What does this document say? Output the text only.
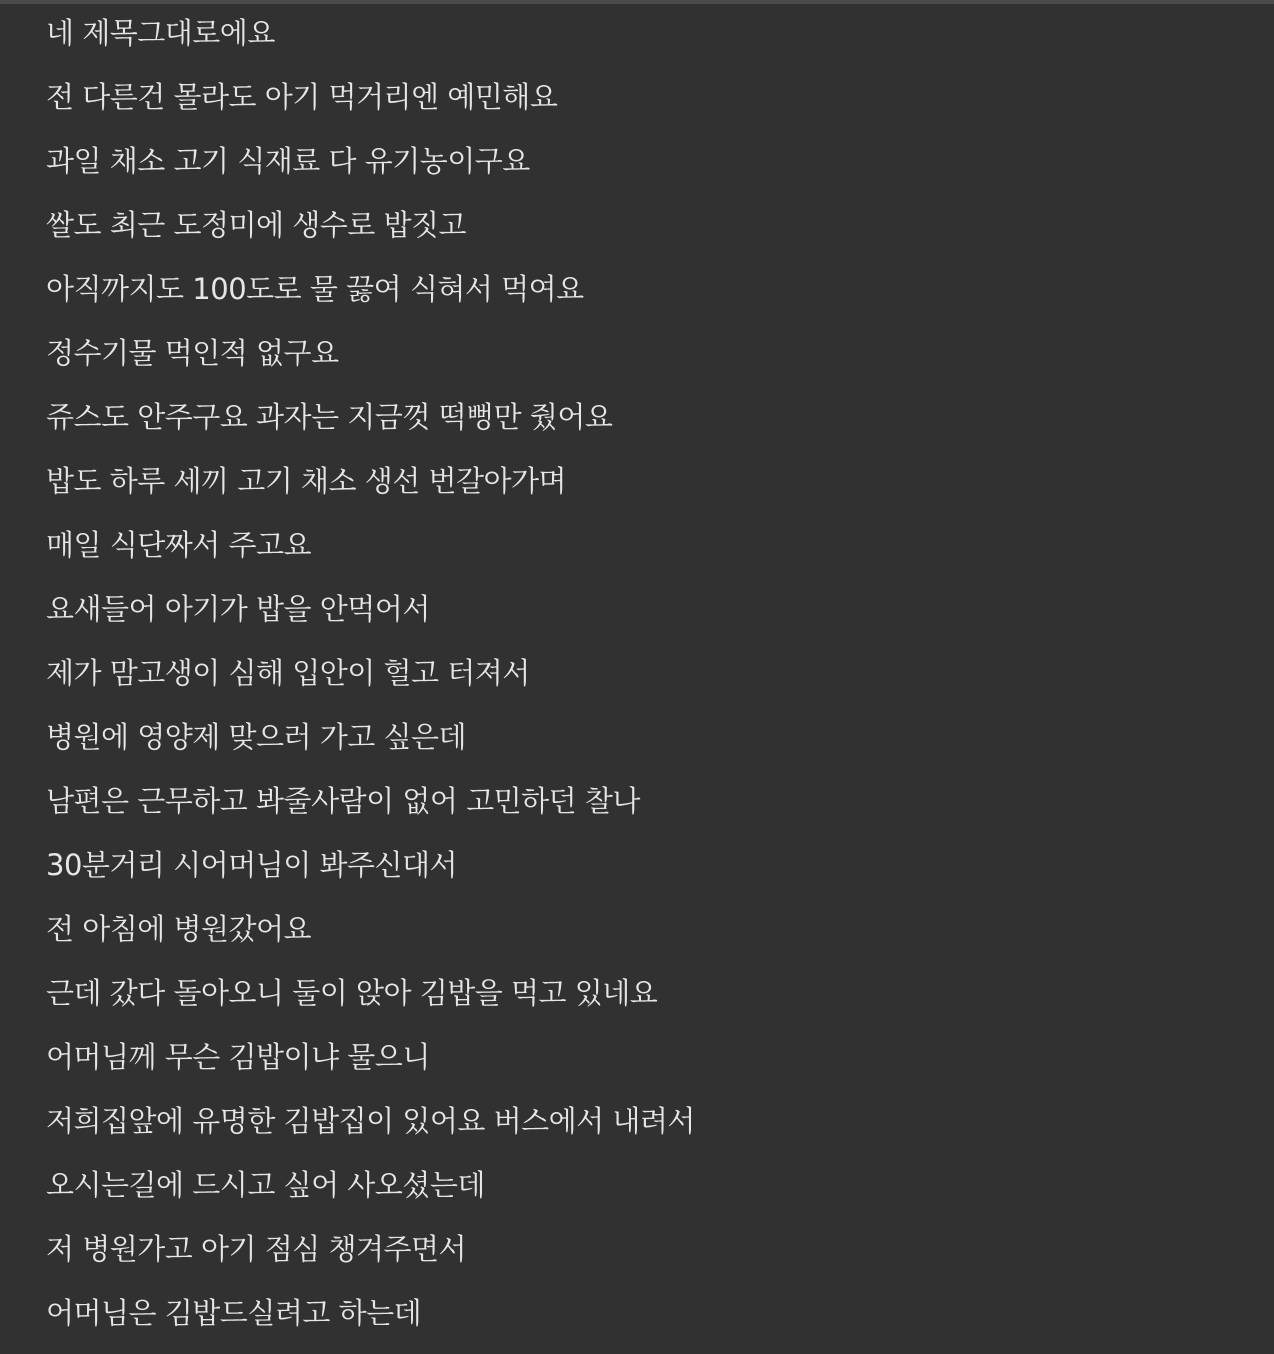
네 제목그대로에요
전 다른건 몰라도 아기 먹거리엔 예민해요
과일 채소 고기 식재료 다 유기농이구요
쌀도 최근 도정미에 생수로 밥짓고
아직까지도 100도로 물 끓여 식혀서 먹여요
정수기물 먹인적 없구요
쥬스도 안주구요 과자는 지금껏 떡뻥만 줬어요
밥도 하루 세끼 고기 채소 생선 번갈아가며
매일 식단짜서 주고요
요새들어 아기가 밥을 안먹어서
제가 맘고생이 심해 입안이 헐고 터져서
병원에 영양제 맞으러 가고 싶은데
남편은 근무하고 봐줄사람이 없어 고민하던 찰나
30분거리 시어머님이 봐주신대서
전 아침에 병원갔어요
근데 갔다 돌아오니 둘이 앉아 김밥을 먹고 있네요
어머님께 무슨 김밥이냐 물으니
저희집앞에 유명한 김밥집이 있어요 버스에서 내려서
오시는길에 드시고 싶어 사오셨는데
저 병원가고 아기 점심 챙겨주면서
어머님은 김밥드실려고 하는데
